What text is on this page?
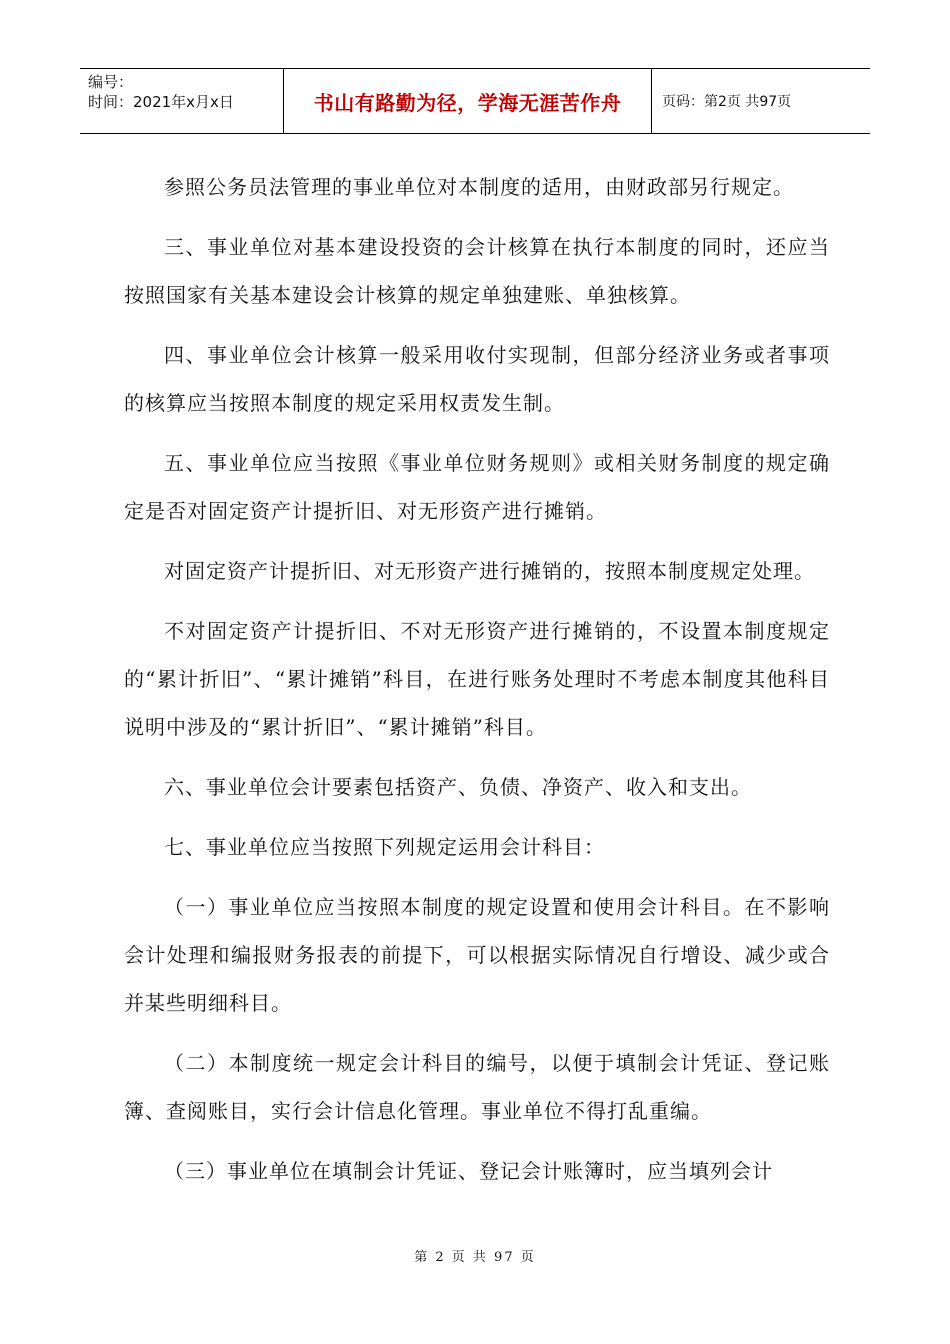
编号：
时间：2021年x月x日	书山有路勤为径，学海无涯苦作舟	页码：第2页 共97页

参照公务员法管理的事业单位对本制度的适用，由财政部另行规定。

三、事业单位对基本建设投资的会计核算在执行本制度的同时，还应当按照国家有关基本建设会计核算的规定单独建账、单独核算。

四、事业单位会计核算一般采用收付实现制，但部分经济业务或者事项的核算应当按照本制度的规定采用权责发生制。

五、事业单位应当按照《事业单位财务规则》或相关财务制度的规定确定是否对固定资产计提折旧、对无形资产进行摊销。

对固定资产计提折旧、对无形资产进行摊销的，按照本制度规定处理。

不对固定资产计提折旧、不对无形资产进行摊销的，不设置本制度规定的“累计折旧”、“累计摊销”科目，在进行账务处理时不考虑本制度其他科目说明中涉及的“累计折旧”、“累计摊销”科目。

六、事业单位会计要素包括资产、负债、净资产、收入和支出。

七、事业单位应当按照下列规定运用会计科目：

（一）事业单位应当按照本制度的规定设置和使用会计科目。在不影响会计处理和编报财务报表的前提下，可以根据实际情况自行增设、减少或合并某些明细科目。

（二）本制度统一规定会计科目的编号，以便于填制会计凭证、登记账簿、查阅账目，实行会计信息化管理。事业单位不得打乱重编。

（三）事业单位在填制会计凭证、登记会计账簿时，应当填列会计

第 2 页 共 97 页
